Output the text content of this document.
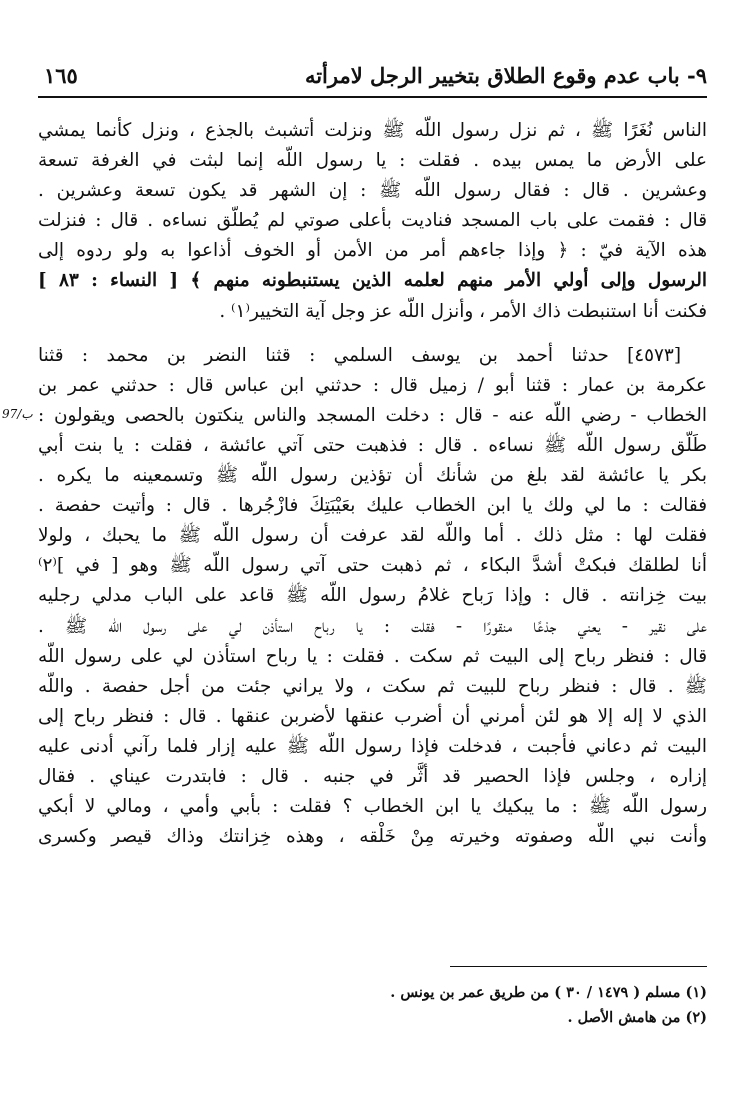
٩- باب عدم وقوع الطلاق بتخيير الرجل لامرأته
١٦٥
الناس نُغَرًا ﷺ ، ثم نزل رسول اللّه ﷺ ونزلت أتشبث بالجذع ، ونزل كأنما يمشي
على الأرض ما يمس بيده . فقلت : يا رسول اللّه إنما لبثت في الغرفة تسعة
وعشرين . قال : فقال رسول اللّه ﷺ : إن الشهر قد يكون تسعة وعشرين .
قال : فقمت على باب المسجد فناديت بأعلى صوتي لم يُطلّق نساءه . قال : فنزلت
هذه الآية فيّ : ﴿ وإذا جاءهم أمر من الأمن أو الخوف أذاعوا به ولو ردوه إلى
الرسول وإلى أولي الأمر منهم لعلمه الذين يستنبطونه منهم ﴾ [ النساء : ٨٣ ]
فكنت أنا استنبطت ذاك الأمر ، وأنزل اللّه عز وجل آية التخيير⁽١⁾ .
[٤٥٧٣] حدثنا أحمد بن يوسف السلمي : قثنا النضر بن محمد : قثنا
عكرمة بن عمار : قثنا أبو / زميل قال : حدثني ابن عباس قال : حدثني عمر بن
الخطاب - رضي اللّه عنه - قال : دخلت المسجد والناس ينكتون بالحصى ويقولون :
طَلَّق رسول اللّه ﷺ نساءه . قال : فذهبت حتى آتي عائشة ، فقلت : يا بنت أبي
بكر يا عائشة لقد بلغ من شأنك أن تؤذين رسول اللّه ﷺ وتسمعينه ما يكره .
فقالت : ما لي ولك يا ابن الخطاب عليك بعَيْبَتِكَ فازْجُرها . قال : وأتيت حفصة .
فقلت لها : مثل ذلك . أما واللّه لقد عرفت أن رسول اللّه ﷺ ما يحبك ، ولولا
أنا لطلقك فبكتْ أشدَّ البكاء ، ثم ذهبت حتى آتي رسول اللّه ﷺ وهو [ في ]⁽٢⁾
بيت خِزانته . قال : وإذا رَباح غلامُ رسول اللّه ﷺ قاعد على الباب مدلي رجليه
على نقير - يعني جذعًا منقورًا - فقلت : يا رباح استأذن لي على رسول اللّه ﷺ .
قال : فنظر رباح إلى البيت ثم سكت . فقلت : يا رباح استأذن لي على رسول اللّه
ﷺ . قال : فنظر رباح للبيت ثم سكت ، ولا يراني جئت من أجل حفصة . واللّه
الذي لا إله إلا هو لئن أمرني أن أضرب عنقها لأضربن عنقها . قال : فنظر رباح إلى
البيت ثم دعاني فأجبت ، فدخلت فإذا رسول اللّه ﷺ عليه إزار فلما رآني أدنى عليه
إزاره ، وجلس فإذا الحصير قد أثَّر في جنبه . قال : فابتدرت عيناي . فقال
رسول اللّه ﷺ : ما يبكيك يا ابن الخطاب ؟ فقلت : بأبي وأمي ، ومالي لا أبكي
وأنت نبي اللّه وصفوته وخيرته مِنْ خَلْقه ، وهذه خِزانتك وذاك قيصر وكسرى
ب/97
(١) مسلم ( ١٤٧٩ / ٣٠ ) من طريق عمر بن يونس .
(٢) من هامش الأصل .
